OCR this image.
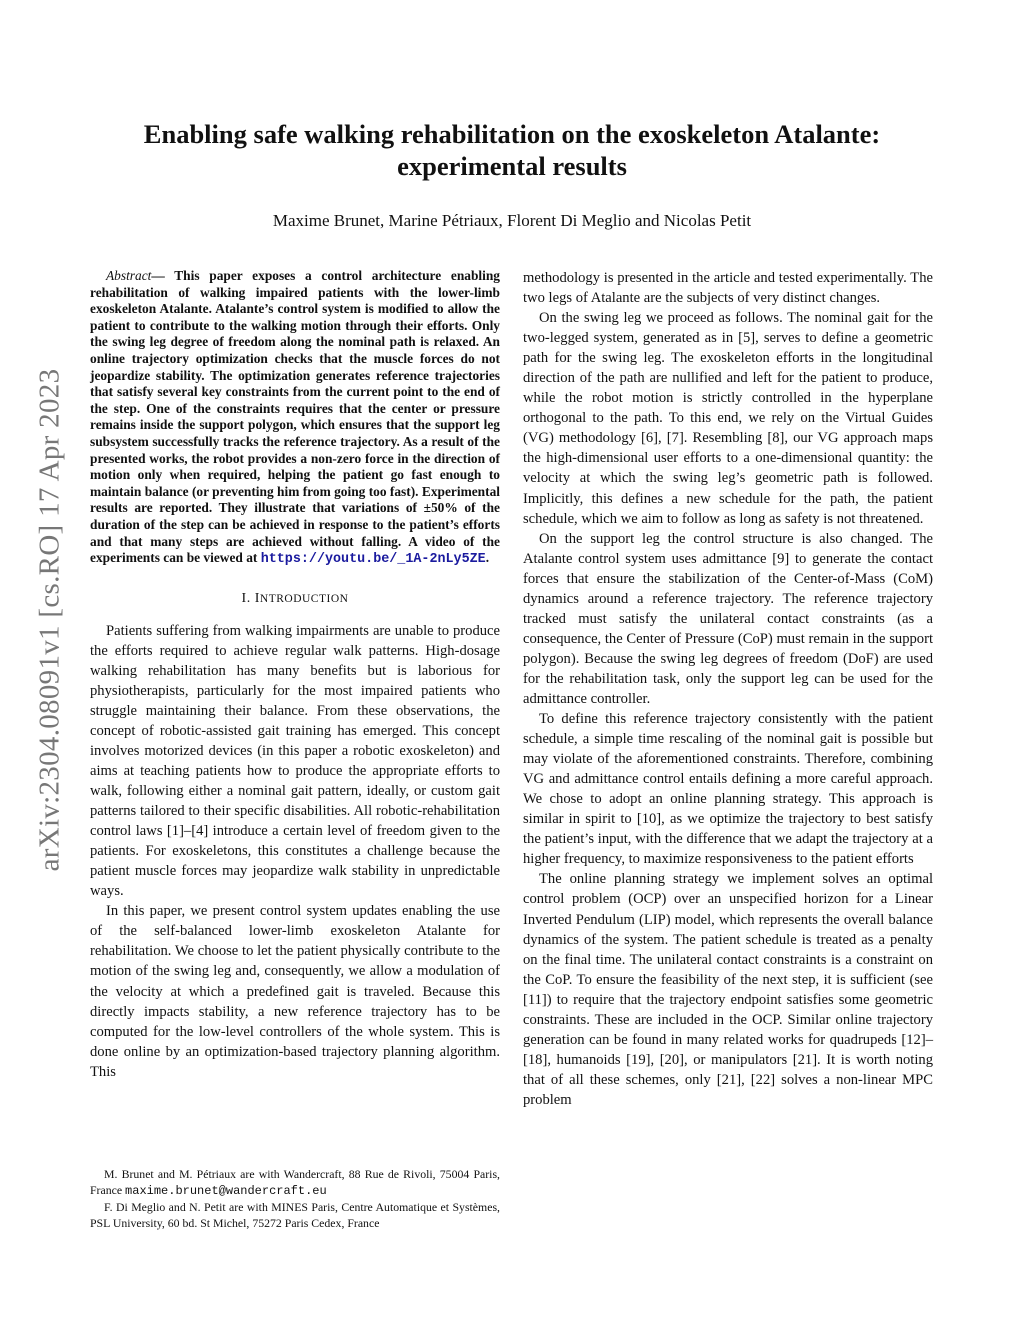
arXiv:2304.08091v1 [cs.RO] 17 Apr 2023
Enabling safe walking rehabilitation on the exoskeleton Atalante: experimental results
Maxime Brunet, Marine Pétriaux, Florent Di Meglio and Nicolas Petit

Abstract— This paper exposes a control architecture enabling rehabilitation of walking impaired patients with the lower-limb exoskeleton Atalante. Atalante’s control system is modified to allow the patient to contribute to the walking motion through their efforts. Only the swing leg degree of freedom along the nominal path is relaxed. An online trajectory optimization checks that the muscle forces do not jeopardize stability. The optimization generates reference trajectories that satisfy several key constraints from the current point to the end of the step. One of the constraints requires that the center or pressure remains inside the support polygon, which ensures that the support leg subsystem successfully tracks the reference trajectory. As a result of the presented works, the robot provides a non-zero force in the direction of motion only when required, helping the patient go fast enough to maintain balance (or preventing him from going too fast). Experimental results are reported. They illustrate that variations of ±50% of the duration of the step can be achieved in response to the patient’s efforts and that many steps are achieved without falling. A video of the experiments can be viewed at https://youtu.be/_1A-2nLy5ZE.

I. INTRODUCTION

Patients suffering from walking impairments are unable to produce the efforts required to achieve regular walk patterns. High-dosage walking rehabilitation has many benefits but is laborious for physiotherapists, particularly for the most impaired patients who struggle maintaining their balance. From these observations, the concept of robotic-assisted gait training has emerged. This concept involves motorized devices (in this paper a robotic exoskeleton) and aims at teaching patients how to produce the appropriate efforts to walk, following either a nominal gait pattern, ideally, or custom gait patterns tailored to their specific disabilities. All robotic-rehabilitation control laws [1]–[4] introduce a certain level of freedom given to the patients. For exoskeletons, this constitutes a challenge because the patient muscle forces may jeopardize walk stability in unpredictable ways.

In this paper, we present control system updates enabling the use of the self-balanced lower-limb exoskeleton Atalante for rehabilitation. We choose to let the patient physically contribute to the motion of the swing leg and, consequently, we allow a modulation of the velocity at which a predefined gait is traveled. Because this directly impacts stability, a new reference trajectory has to be computed for the low-level controllers of the whole system. This is done online by an optimization-based trajectory planning algorithm. This

methodology is presented in the article and tested experimentally. The two legs of Atalante are the subjects of very distinct changes.

On the swing leg we proceed as follows. The nominal gait for the two-legged system, generated as in [5], serves to define a geometric path for the swing leg. The exoskeleton efforts in the longitudinal direction of the path are nullified and left for the patient to produce, while the robot motion is strictly controlled in the hyperplane orthogonal to the path. To this end, we rely on the Virtual Guides (VG) methodology [6], [7]. Resembling [8], our VG approach maps the high-dimensional user efforts to a one-dimensional quantity: the velocity at which the swing leg’s geometric path is followed. Implicitly, this defines a new schedule for the path, the patient schedule, which we aim to follow as long as safety is not threatened.

On the support leg the control structure is also changed. The Atalante control system uses admittance [9] to generate the contact forces that ensure the stabilization of the Center-of-Mass (CoM) dynamics around a reference trajectory. The reference trajectory tracked must satisfy the unilateral contact constraints (as a consequence, the Center of Pressure (CoP) must remain in the support polygon). Because the swing leg degrees of freedom (DoF) are used for the rehabilitation task, only the support leg can be used for the admittance controller.

To define this reference trajectory consistently with the patient schedule, a simple time rescaling of the nominal gait is possible but may violate of the aforementioned constraints. Therefore, combining VG and admittance control entails defining a more careful approach. We chose to adopt an online planning strategy. This approach is similar in spirit to [10], as we optimize the trajectory to best satisfy the patient’s input, with the difference that we adapt the trajectory at a higher frequency, to maximize responsiveness to the patient efforts

The online planning strategy we implement solves an optimal control problem (OCP) over an unspecified horizon for a Linear Inverted Pendulum (LIP) model, which represents the overall balance dynamics of the system. The patient schedule is treated as a penalty on the final time. The unilateral contact constraints is a constraint on the CoP. To ensure the feasibility of the next step, it is sufficient (see [11]) to require that the trajectory endpoint satisfies some geometric constraints. These are included in the OCP. Similar online trajectory generation can be found in many related works for quadrupeds [12]–[18], humanoids [19], [20], or manipulators [21]. It is worth noting that of all these schemes, only [21], [22] solves a non-linear MPC problem

M. Brunet and M. Pétriaux are with Wandercraft, 88 Rue de Rivoli, 75004 Paris, France maxime.brunet@wandercraft.eu

F. Di Meglio and N. Petit are with MINES Paris, Centre Automatique et Systèmes, PSL University, 60 bd. St Michel, 75272 Paris Cedex, France
